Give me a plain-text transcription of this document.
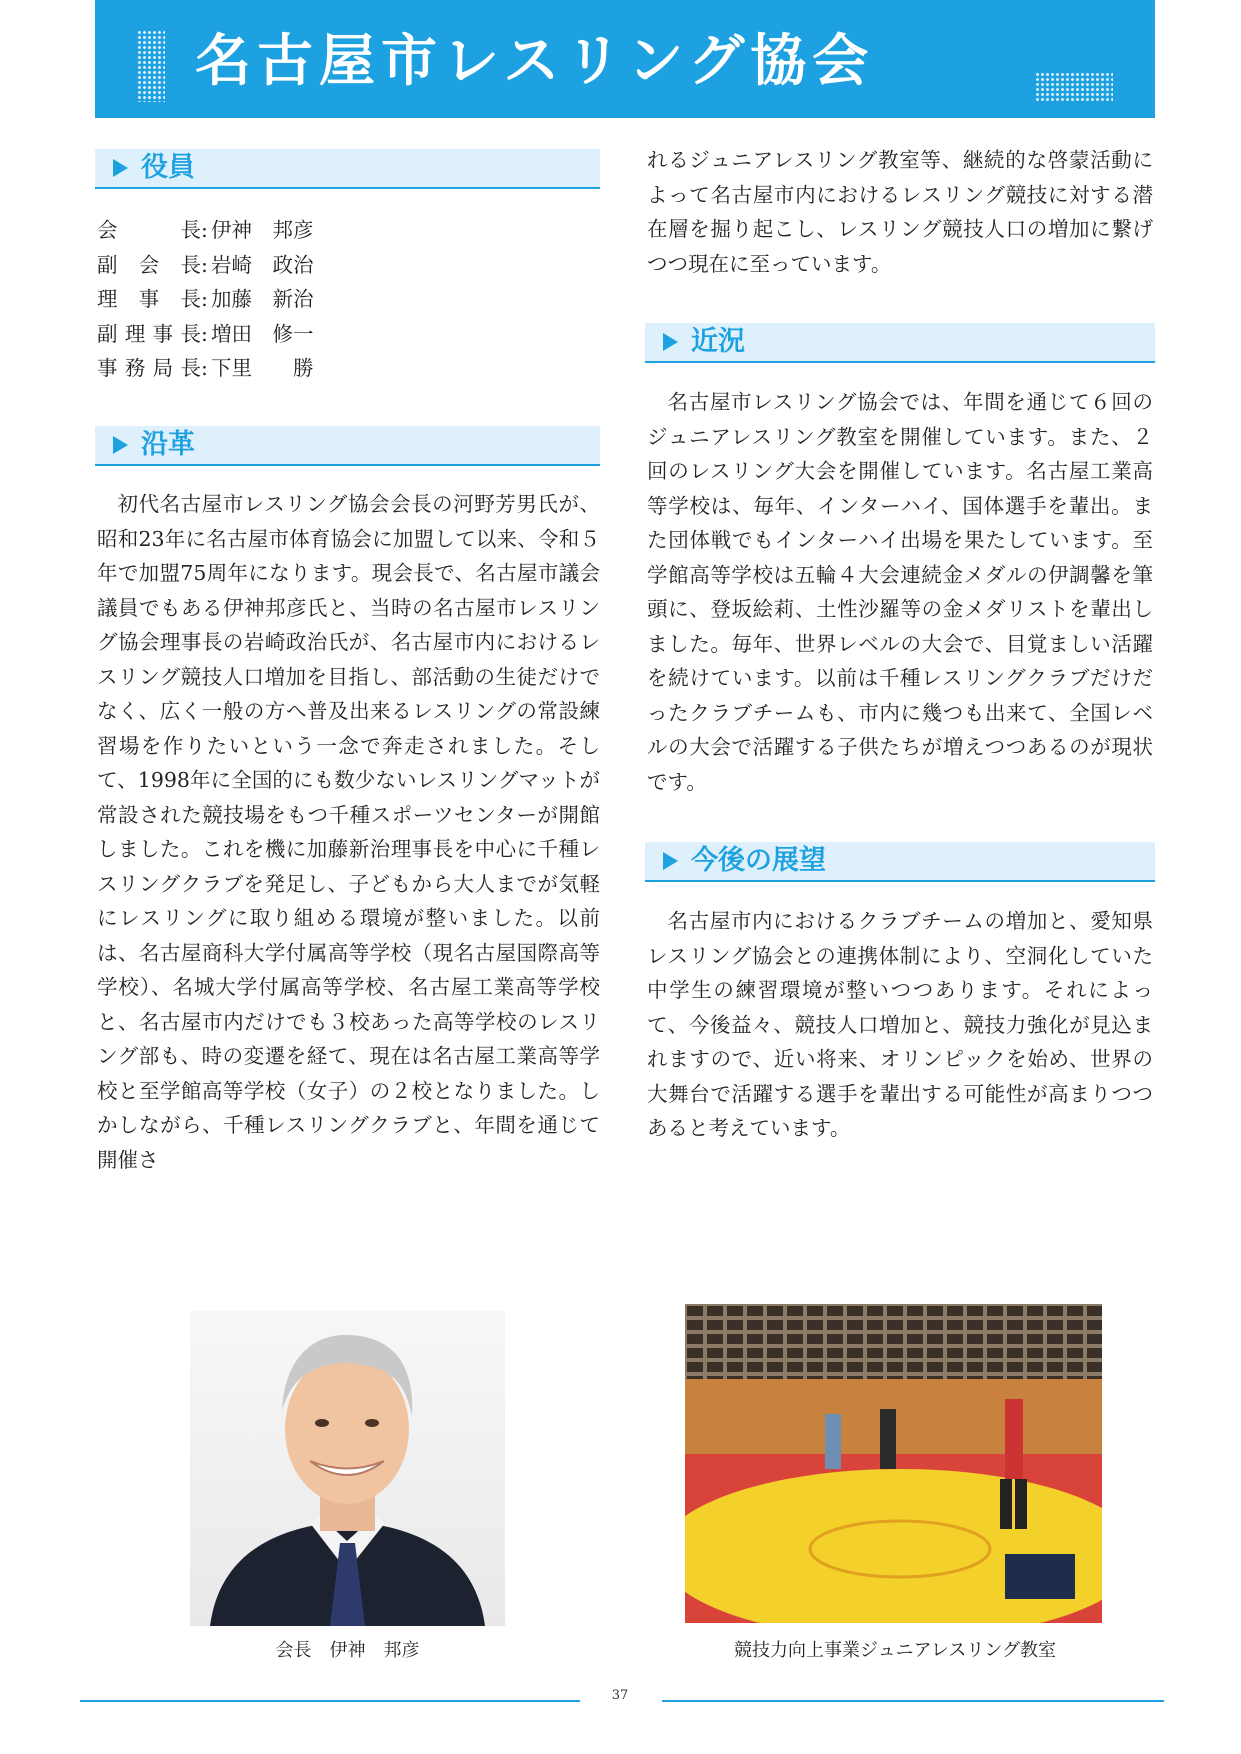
名古屋市レスリング協会
役員
会長: 伊神　邦彦
副会長: 岩崎　政治
理事長: 加藤　新治
副理事長: 増田　修一
事務局長: 下里　　勝
沿革

初代名古屋市レスリング協会会長の河野芳男氏が、昭和23年に名古屋市体育協会に加盟して以来、令和５年で加盟75周年になります。現会長で、名古屋市議会議員でもある伊神邦彦氏と、当時の名古屋市レスリング協会理事長の岩崎政治氏が、名古屋市内におけるレスリング競技人口増加を目指し、部活動の生徒だけでなく、広く一般の方へ普及出来るレスリングの常設練習場を作りたいという一念で奔走されました。そして、1998年に全国的にも数少ないレスリングマットが常設された競技場をもつ千種スポーツセンターが開館しました。これを機に加藤新治理事長を中心に千種レスリングクラブを発足し、子どもから大人までが気軽にレスリングに取り組める環境が整いました。以前は、名古屋商科大学付属高等学校（現名古屋国際高等学校）、名城大学付属高等学校、名古屋工業高等学校と、名古屋市内だけでも３校あった高等学校のレスリング部も、時の変遷を経て、現在は名古屋工業高等学校と至学館高等学校（女子）の２校となりました。しかしながら、千種レスリングクラブと、年間を通じて開催さ

れるジュニアレスリング教室等、継続的な啓蒙活動によって名古屋市内におけるレスリング競技に対する潜在層を掘り起こし、レスリング競技人口の増加に繋げつつ現在に至っています。

近況

名古屋市レスリング協会では、年間を通じて６回のジュニアレスリング教室を開催しています。また、２回のレスリング大会を開催しています。名古屋工業高等学校は、毎年、インターハイ、国体選手を輩出。また団体戦でもインターハイ出場を果たしています。至学館高等学校は五輪４大会連続金メダルの伊調馨を筆頭に、登坂絵莉、土性沙羅等の金メダリストを輩出しました。毎年、世界レベルの大会で、目覚ましい活躍を続けています。以前は千種レスリングクラブだけだったクラブチームも、市内に幾つも出来て、全国レベルの大会で活躍する子供たちが増えつつあるのが現状です。

今後の展望

名古屋市内におけるクラブチームの増加と、愛知県レスリング協会との連携体制により、空洞化していた中学生の練習環境が整いつつあります。それによって、今後益々、競技人口増加と、競技力強化が見込まれますので、近い将来、オリンピックを始め、世界の大舞台で活躍する選手を輩出する可能性が高まりつつあると考えています。

会長　伊神　邦彦	競技力向上事業ジュニアレスリング教室
37
